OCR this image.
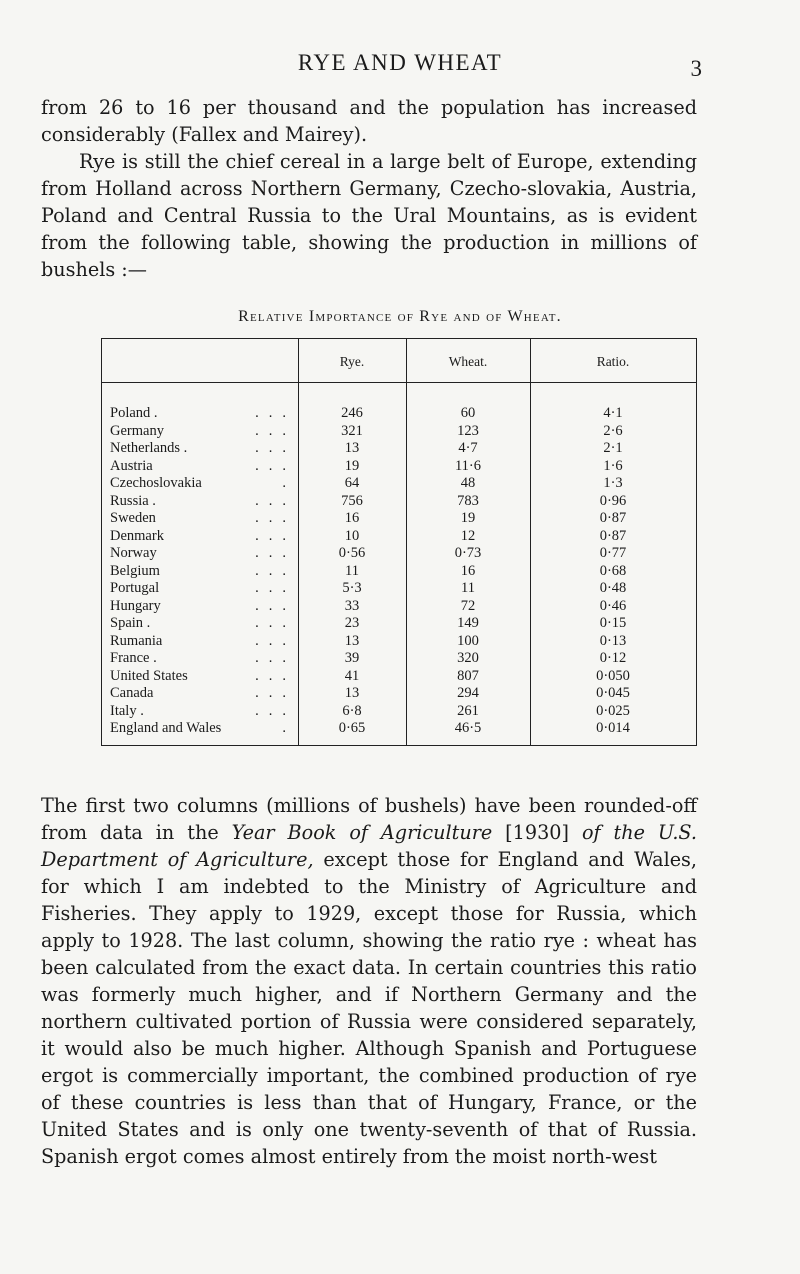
RYE AND WHEAT	3

from 26 to 16 per thousand and the population has increased considerably (Fallex and Mairey).

Rye is still the chief cereal in a large belt of Europe, extending from Holland across Northern Germany, Czecho-slovakia, Austria, Poland and Central Russia to the Ural Mountains, as is evident from the following table, showing the production in millions of bushels :—

Relative Importance of Rye and of Wheat.
Rye.	Wheat.	Ratio.
Poland .	...	246	60	4·1
Germany	...	321	123	2·6
Netherlands .	...	13	4·7	2·1
Austria	...	19	11·6	1·6
Czechoslovakia	.	64	48	1·3
Russia .	...	756	783	0·96
Sweden	...	16	19	0·87
Denmark	...	10	12	0·87
Norway	...	0·56	0·73	0·77
Belgium	...	11	16	0·68
Portugal	...	5·3	11	0·48
Hungary	...	33	72	0·46
Spain .	...	23	149	0·15
Rumania	...	13	100	0·13
France .	...	39	320	0·12
United States	...	41	807	0·050
Canada	...	13	294	0·045
Italy .	...	6·8	261	0·025
England and Wales	.	0·65	46·5	0·014

The first two columns (millions of bushels) have been rounded-off from data in the Year Book of Agriculture [1930] of the U.S. Department of Agriculture, except those for England and Wales, for which I am indebted to the Ministry of Agriculture and Fisheries. They apply to 1929, except those for Russia, which apply to 1928. The last column, showing the ratio rye : wheat has been calculated from the exact data. In certain countries this ratio was formerly much higher, and if Northern Germany and the northern cultivated portion of Russia were considered separately, it would also be much higher. Although Spanish and Portuguese ergot is commercially important, the combined production of rye of these countries is less than that of Hungary, France, or the United States and is only one twenty-seventh of that of Russia. Spanish ergot comes almost entirely from the moist north-west
